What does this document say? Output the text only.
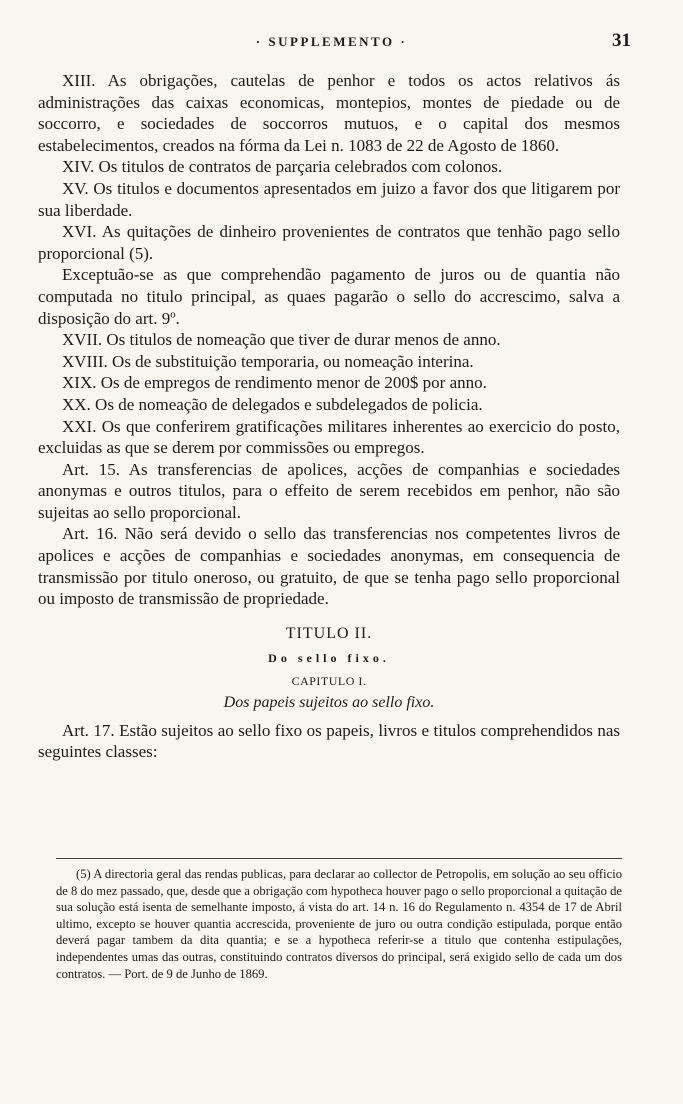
· SUPPLEMENTO ·	31

XIII. As obrigações, cautelas de penhor e todos os actos relativos ás administrações das caixas economicas, montepios, montes de piedade ou de soccorro, e sociedades de soccorros mutuos, e o capital dos mesmos estabelecimentos, creados na fórma da Lei n. 1083 de 22 de Agosto de 1860.

XIV. Os titulos de contratos de parçaria celebrados com colonos.

XV. Os titulos e documentos apresentados em juizo a favor dos que litigarem por sua liberdade.

XVI. As quitações de dinheiro provenientes de contratos que tenhão pago sello proporcional (5).

Exceptuão-se as que comprehendão pagamento de juros ou de quantia não computada no titulo principal, as quaes pagarão o sello do accrescimo, salva a disposição do art. 9º.

XVII. Os titulos de nomeação que tiver de durar menos de anno.

XVIII. Os de substituição temporaria, ou nomeação interina.

XIX. Os de empregos de rendimento menor de 200$ por anno.

XX. Os de nomeação de delegados e subdelegados de policia.

XXI. Os que conferirem gratificações militares inherentes ao exercicio do posto, excluidas as que se derem por commissões ou empregos.

Art. 15. As transferencias de apolices, acções de companhias e sociedades anonymas e outros titulos, para o effeito de serem recebidos em penhor, não são sujeitas ao sello proporcional.

Art. 16. Não será devido o sello das transferencias nos competentes livros de apolices e acções de companhias e sociedades anonymas, em consequencia de transmissão por titulo oneroso, ou gratuito, de que se tenha pago sello proporcional ou imposto de transmissão de propriedade.

TITULO II.
Do sello fixo.
CAPITULO I.
Dos papeis sujeitos ao sello fixo.

Art. 17. Estão sujeitos ao sello fixo os papeis, livros e titulos comprehendidos nas seguintes classes:

(5) A directoria geral das rendas publicas, para declarar ao collector de Petropolis, em solução ao seu officio de 8 do mez passado, que, desde que a obrigação com hypotheca houver pago o sello proporcional a quitação de sua solução está isenta de semelhante imposto, á vista do art. 14 n. 16 do Regulamento n. 4354 de 17 de Abril ultimo, excepto se houver quantia accrescida, proveniente de juro ou outra condição estipulada, porque então deverá pagar tambem da dita quantia; e se a hypotheca referir-se a titulo que contenha estipulações, independentes umas das outras, constituindo contratos diversos do principal, será exigido sello de cada um dos contratos. — Port. de 9 de Junho de 1869.
